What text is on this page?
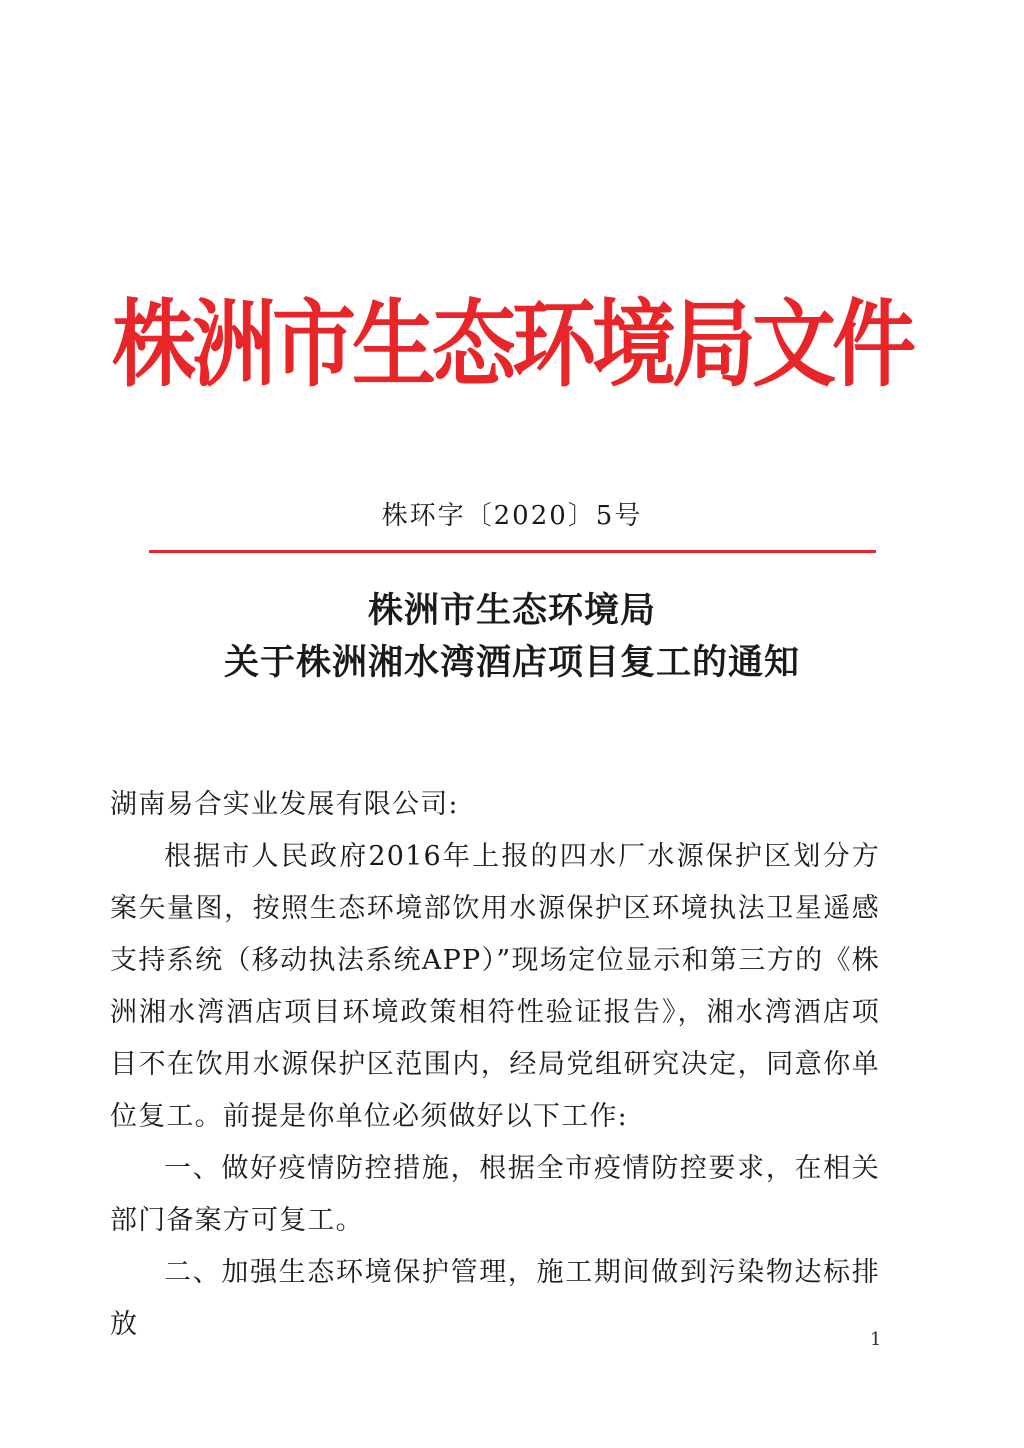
株洲市生态环境局文件
株环字〔2020〕5号
株洲市生态环境局
关于株洲湘水湾酒店项目复工的通知

湖南易合实业发展有限公司:

根据市人民政府2016年上报的四水厂水源保护区划分方案矢量图，按照生态环境部饮用水源保护区环境执法卫星遥感支持系统（移动执法系统APP）”现场定位显示和第三方的《株洲湘水湾酒店项目环境政策相符性验证报告》，湘水湾酒店项目不在饮用水源保护区范围内，经局党组研究决定，同意你单位复工。前提是你单位必须做好以下工作:

一、做好疫情防控措施，根据全市疫情防控要求，在相关部门备案方可复工。

二、加强生态环境保护管理，施工期间做到污染物达标排放	1
